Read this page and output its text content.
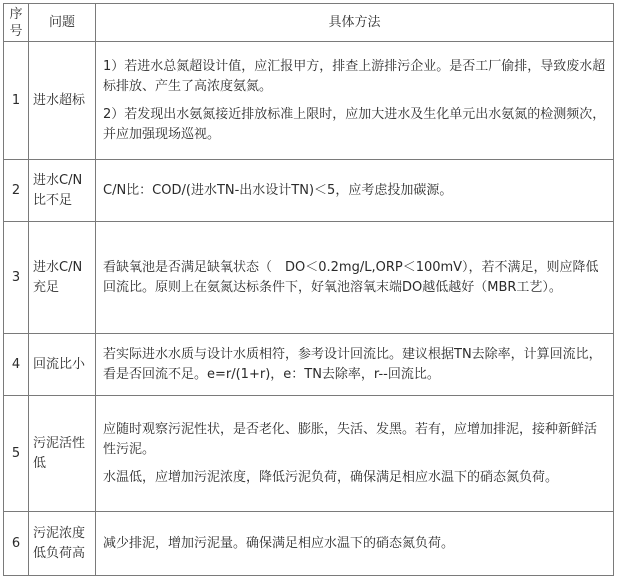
序
号	问题	具体方法
1	进水超标	1）若进水总氮超设计值，应汇报甲方，排查上游排污企业。是否工厂偷排，导致废水超标排放、产生了高浓度氨氮。

2）若发现出水氨氮接近排放标准上限时，应加大进水及生化单元出水氨氮的检测频次，并应加强现场巡视。

2	进水C/N比不足	C/N比：COD/(进水TN-出水设计TN)＜5，应考虑投加碳源。

3	进水C/N充足	看缺氧池是否满足缺氧状态（　DO＜0.2mg/L,ORP＜100mV），若不满足，则应降低回流比。原则上在氨氮达标条件下，好氧池溶氧末端DO越低越好（MBR工艺）。

4	回流比小	若实际进水水质与设计水质相符，参考设计回流比。建议根据TN去除率，计算回流比，看是否回流不足。e=r/(1+r)，e：TN去除率，r--回流比。

5	污泥活性低	应随时观察污泥性状，是否老化、膨胀，失活、发黑。若有，应增加排泥，接种新鲜活性污泥。

水温低，应增加污泥浓度，降低污泥负荷，确保满足相应水温下的硝态氮负荷。

6	污泥浓度低负荷高	减少排泥，增加污泥量。确保满足相应水温下的硝态氮负荷。
